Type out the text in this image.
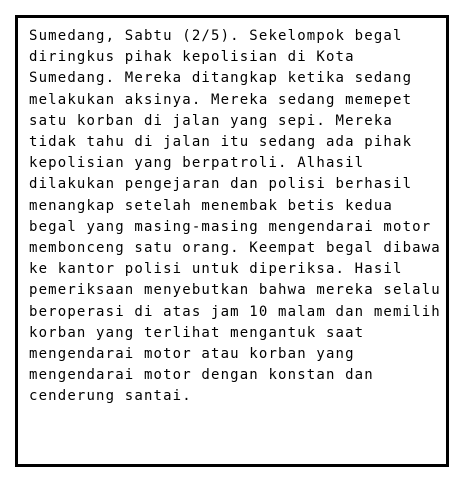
Sumedang, Sabtu (2/5). Sekelompok begal
diringkus pihak kepolisian di Kota
Sumedang. Mereka ditangkap ketika sedang
melakukan aksinya. Mereka sedang memepet
satu korban di jalan yang sepi. Mereka
tidak tahu di jalan itu sedang ada pihak
kepolisian yang berpatroli. Alhasil
dilakukan pengejaran dan polisi berhasil
menangkap setelah menembak betis kedua
begal yang masing-masing mengendarai motor
membonceng satu orang. Keempat begal dibawa
ke kantor polisi untuk diperiksa. Hasil
pemeriksaan menyebutkan bahwa mereka selalu
beroperasi di atas jam 10 malam dan memilih
korban yang terlihat mengantuk saat
mengendarai motor atau korban yang
mengendarai motor dengan konstan dan
cenderung santai.
